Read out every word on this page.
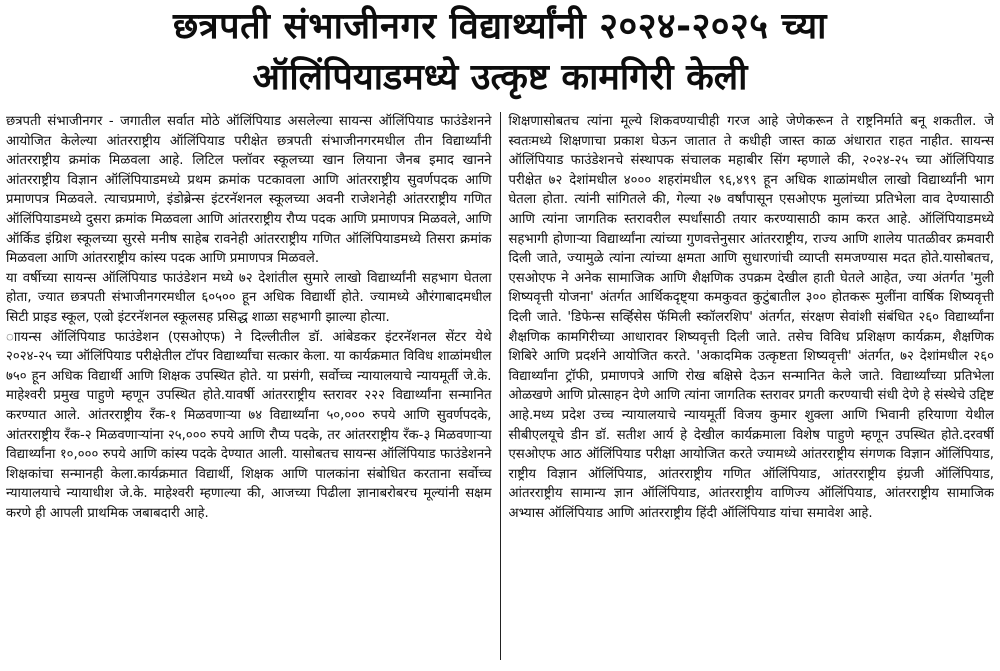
छत्रपती संभाजीनगर विद्यार्थ्यांनी २०२४-२०२५ च्या
ऑलिंपियाडमध्ये उत्कृष्ट कामगिरी केली

छत्रपती संभाजीनगर - जगातील सर्वात मोठे ऑलिंपियाड असलेल्या सायन्स ऑलिंपियाड फाउंडेशनने आयोजित केलेल्या आंतरराष्ट्रीय ऑलिंपियाड परीक्षेत छत्रपती संभाजीनगरमधील तीन विद्यार्थ्यांनी आंतरराष्ट्रीय क्रमांक मिळवला आहे. लिटिल फ्लॉवर स्कूलच्या खान लियाना जैनब इमाद खानने आंतरराष्ट्रीय विज्ञान ऑलिंपियाडमध्ये प्रथम क्रमांक पटकावला आणि आंतरराष्ट्रीय सुवर्णपदक आणि प्रमाणपत्र मिळवले. त्याचप्रमाणे, इंडोब्रेन्स इंटरनॅशनल स्कूलच्या अवनी राजेशनेही आंतरराष्ट्रीय गणित ऑलिंपियाडमध्ये दुसरा क्रमांक मिळवला आणि आंतरराष्ट्रीय रौप्य पदक आणि प्रमाणपत्र मिळवले, आणि ऑर्किड इंग्रिश स्कूलच्या सुरसे मनीष साहेब रावनेही आंतरराष्ट्रीय गणित ऑलिंपियाडमध्ये तिसरा क्रमांक मिळवला आणि आंतरराष्ट्रीय कांस्य पदक आणि प्रमाणपत्र मिळवले.

या वर्षीच्या सायन्स ऑलिंपियाड फाउंडेशन मध्ये ७२ देशांतील सुमारे लाखो विद्यार्थ्यांनी सहभाग घेतला होता, ज्यात छत्रपती संभाजीनगरमधील ६०५०० हून अधिक विद्यार्थी होते. ज्यामध्ये औरंगाबादमधील सिटी प्राइड स्कूल, एल्रो इंटरनॅशनल स्कूलसह प्रसिद्ध शाळा सहभागी झाल्या होत्या.

ाायन्स ऑलिंपियाड फाउंडेशन (एसओएफ) ने दिल्लीतील डॉ. आंबेडकर इंटरनॅशनल सेंटर येथे २०२४-२५ च्या ऑलिंपियाड परीक्षेतील टॉपर विद्यार्थ्यांचा सत्कार केला. या कार्यक्रमात विविध शाळांमधील ७५० हून अधिक विद्यार्थी आणि शिक्षक उपस्थित होते. या प्रसंगी, सर्वोच्च न्यायालयाचे न्यायमूर्ती जे.के. माहेश्वरी प्रमुख पाहुणे म्हणून उपस्थित होते.यावर्षी आंतरराष्ट्रीय स्तरावर २२२ विद्यार्थ्यांना सन्मानित करण्यात आले. आंतरराष्ट्रीय रँक-१ मिळवणाऱ्या ७४ विद्यार्थ्यांना ५०,००० रुपये आणि सुवर्णपदके, आंतरराष्ट्रीय रँक-२ मिळवणाऱ्यांना २५,००० रुपये आणि रौप्य पदके, तर आंतरराष्ट्रीय रँक-३ मिळवणाऱ्या विद्यार्थ्यांना १०,००० रुपये आणि कांस्य पदके देण्यात आली. यासोबतच सायन्स ऑलिंपियाड फाउंडेशनने शिक्षकांचा सन्मानही केला.कार्यक्रमात विद्यार्थी, शिक्षक आणि पालकांना संबोधित करताना सर्वोच्च न्यायालयाचे न्यायाधीश जे.के. माहेश्वरी म्हणाल्या की, आजच्या पिढीला ज्ञानाबरोबरच मूल्यांनी सक्षम करणे ही आपली प्राथमिक जबाबदारी आहे.

शिक्षणासोबतच त्यांना मूल्ये शिकवण्याचीही गरज आहे जेणेकरून ते राष्ट्रनिर्माते बनू शकतील. जे स्वतःमध्ये शिक्षणाचा प्रकाश घेऊन जातात ते कधीही जास्त काळ अंधारात राहत नाहीत. सायन्स ऑलिंपियाड फाउंडेशनचे संस्थापक संचालक महाबीर सिंग म्हणाले की, २०२४-२५ च्या ऑलिंपियाड परीक्षेत ७२ देशांमधील ४००० शहरांमधील ९६,४९९ हून अधिक शाळांमधील लाखो विद्यार्थ्यांनी भाग घेतला होता. त्यांनी सांगितले की, गेल्या २७ वर्षांपासून एसओएफ मुलांच्या प्रतिभेला वाव देण्यासाठी आणि त्यांना जागतिक स्तरावरील स्पर्धांसाठी तयार करण्यासाठी काम करत आहे. ऑलिंपियाडमध्ये सहभागी होणाऱ्या विद्यार्थ्यांना त्यांच्या गुणवत्तेनुसार आंतरराष्ट्रीय, राज्य आणि शालेय पातळीवर क्रमवारी दिली जाते, ज्यामुळे त्यांना त्यांच्या क्षमता आणि सुधारणांची व्याप्ती समजण्यास मदत होते.यासोबतच, एसओएफ ने अनेक सामाजिक आणि शैक्षणिक उपक्रम देखील हाती घेतले आहेत, ज्या अंतर्गत 'मुली शिष्यवृत्ती योजना' अंतर्गत आर्थिकदृष्ट्या कमकुवत कुटुंबातील ३०० होतकरू मुलींना वार्षिक शिष्यवृत्ती दिली जाते. 'डिफेन्स सर्व्हिसेस फॅमिली स्कॉलरशिप' अंतर्गत, संरक्षण सेवांशी संबंधित २६० विद्यार्थ्यांना शैक्षणिक कामगिरीच्या आधारावर शिष्यवृत्ती दिली जाते. तसेच विविध प्रशिक्षण कार्यक्रम, शैक्षणिक शिबिरे आणि प्रदर्शने आयोजित करते. 'अकादमिक उत्कृष्टता शिष्यवृत्ती' अंतर्गत, ७२ देशांमधील २६० विद्यार्थ्यांना ट्रॉफी, प्रमाणपत्रे आणि रोख बक्षिसे देऊन सन्मानित केले जाते. विद्यार्थ्यांच्या प्रतिभेला ओळखणे आणि प्रोत्साहन देणे आणि त्यांना जागतिक स्तरावर प्रगती करण्याची संधी देणे हे संस्थेचे उद्दिष्ट आहे.मध्य प्रदेश उच्च न्यायालयाचे न्यायमूर्ती विजय कुमार शुक्ला आणि भिवानी हरियाणा येथील सीबीएलयूचे डीन डॉ. सतीश आर्य हे देखील कार्यक्रमाला विशेष पाहुणे म्हणून उपस्थित होते.दरवर्षी एसओएफ आठ ऑलिंपियाड परीक्षा आयोजित करते ज्यामध्ये आंतरराष्ट्रीय संगणक विज्ञान ऑलिंपियाड, राष्ट्रीय विज्ञान ऑलिंपियाड, आंतरराष्ट्रीय गणित ऑलिंपियाड, आंतरराष्ट्रीय इंग्रजी ऑलिंपियाड, आंतरराष्ट्रीय सामान्य ज्ञान ऑलिंपियाड, आंतरराष्ट्रीय वाणिज्य ऑलिंपियाड, आंतरराष्ट्रीय सामाजिक अभ्यास ऑलिंपियाड आणि आंतरराष्ट्रीय हिंदी ऑलिंपियाड यांचा समावेश आहे.
